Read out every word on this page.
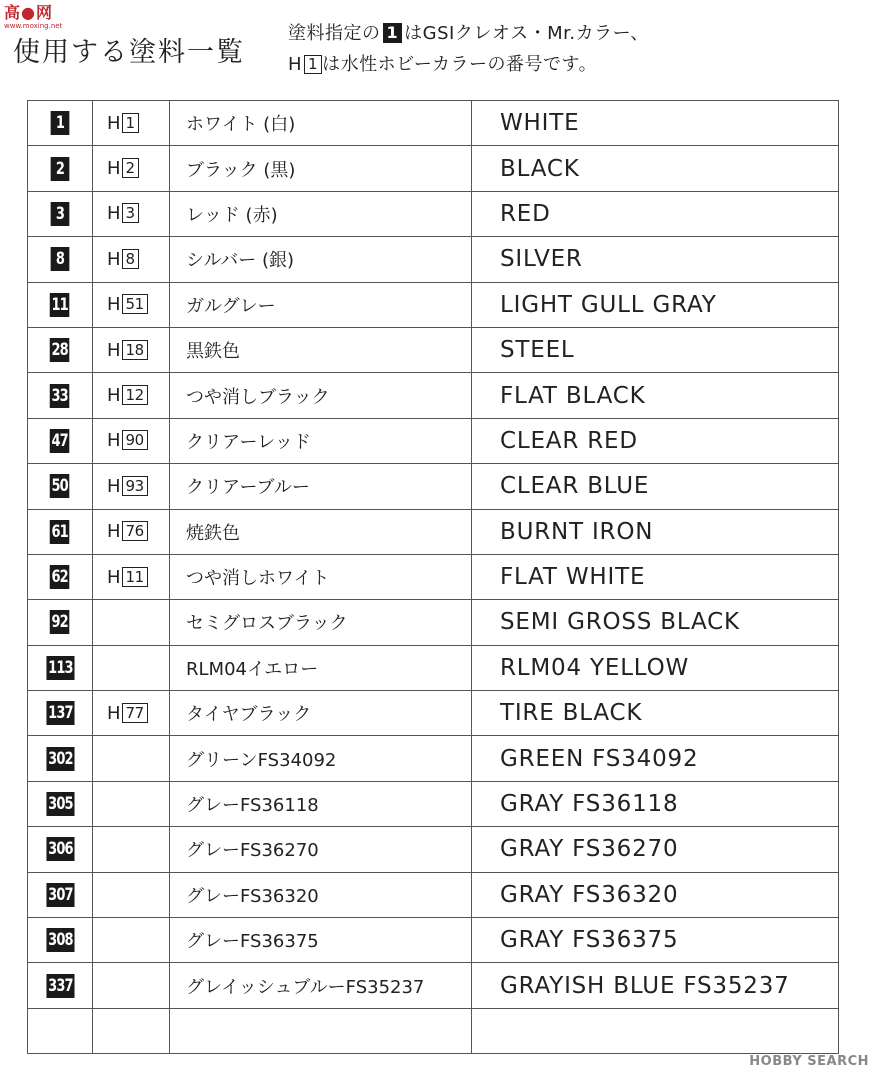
高●网
www.moxing.net
使用する塗料一覧
塗料指定の 1 はGSIクレオス・Mr.カラー、
H 1 は水性ホビーカラーの番号です。
1	H 1	ホワイト (白)	WHITE
2	H 2	ブラック (黒)	BLACK
3	H 3	レッド (赤)	RED
8	H 8	シルバー (銀)	SILVER
11	H 51	ガルグレー	LIGHT GULL GRAY
28	H 18	黒鉄色	STEEL
33	H 12	つや消しブラック	FLAT BLACK
47	H 90	クリアーレッド	CLEAR RED
50	H 93	クリアーブルー	CLEAR BLUE
61	H 76	焼鉄色	BURNT IRON
62	H 11	つや消しホワイト	FLAT WHITE
92		セミグロスブラック	SEMI GROSS BLACK
113		RLM04イエロー	RLM04 YELLOW
137	H 77	タイヤブラック	TIRE BLACK
302		グリーンFS34092	GREEN FS34092
305		グレーFS36118	GRAY FS36118
306		グレーFS36270	GRAY FS36270
307		グレーFS36320	GRAY FS36320
308		グレーFS36375	GRAY FS36375
337		グレイッシュブルーFS35237	GRAYISH BLUE FS35237

HOBBY SEARCH
